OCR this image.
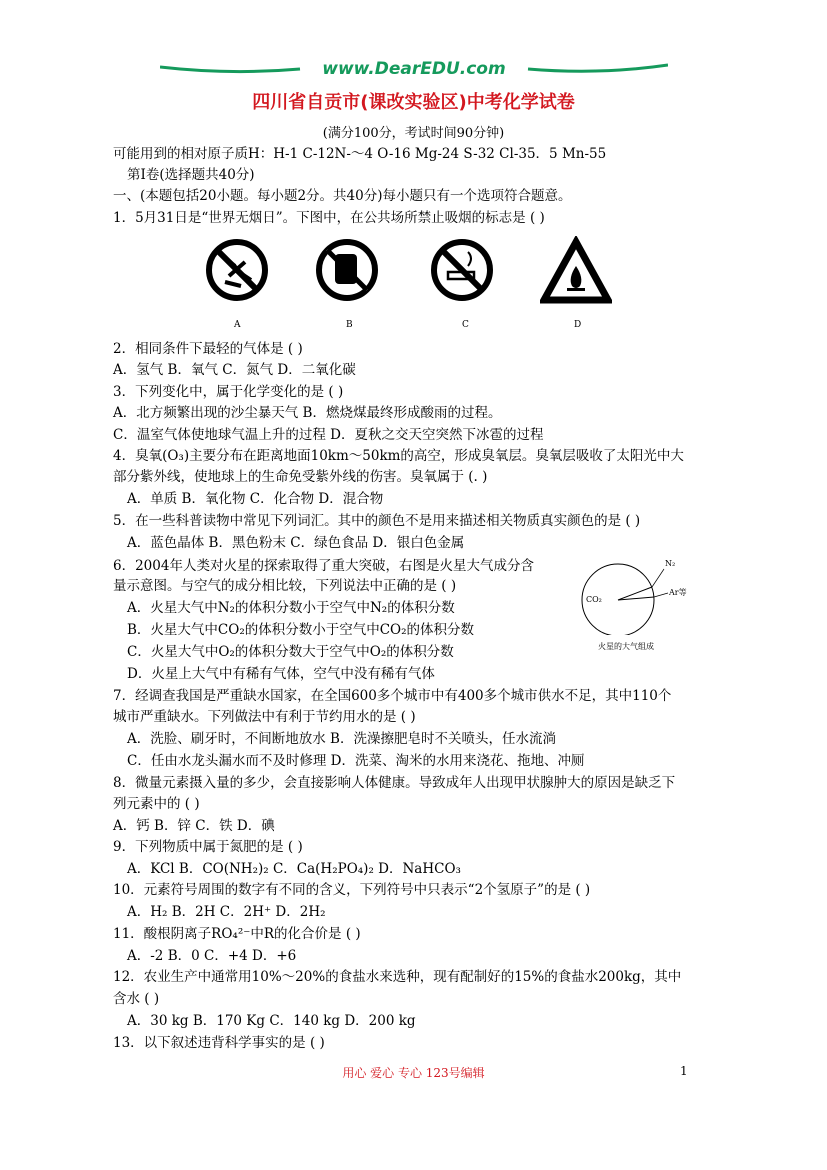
www.DearEDU.com
四川省自贡市(课改实验区)中考化学试卷
(满分100分，考试时间90分钟)
可能用到的相对原子质H：H-1 C-12N-～4 O-16 Mg-24 S-32 Cl-35．5 Mn-55
第Ⅰ卷(选择题共40分)
一、(本题包括20小题。每小题2分。共40分)每小题只有一个选项符合题意。
1．5月31日是“世界无烟日”。下图中，在公共场所禁止吸烟的标志是 ( )
A	B	C	D
2．相同条件下最轻的气体是 ( )
A．氢气 B．氧气 C．氮气 D．二氧化碳
3．下列变化中，属于化学变化的是 ( )
A．北方频繁出现的沙尘暴天气 B．燃烧煤最终形成酸雨的过程。
C．温室气体使地球气温上升的过程 D．夏秋之交天空突然下冰雹的过程
4．臭氧(O₃)主要分布在距离地面10km～50km的高空，形成臭氧层。臭氧层吸收了太阳光中大
部分紫外线，使地球上的生命免受紫外线的伤害。臭氧属于 (. )
A．单质 B．氧化物 C．化合物 D．混合物
5．在一些科普读物中常见下列词汇。其中的颜色不是用来描述相关物质真实颜色的是 ( )
A．蓝色晶体 B．黑色粉末 C．绿色食品 D．银白色金属
6．2004年人类对火星的探索取得了重大突破，右图是火星大气成分含
量示意图。与空气的成分相比较，下列说法中正确的是 ( )
A．火星大气中N₂的体积分数小于空气中N₂的体积分数
B．火星大气中CO₂的体积分数小于空气中CO₂的体积分数
C．火星大气中O₂的体积分数大于空气中O₂的体积分数
D．火星上大气中有稀有气体，空气中没有稀有气体
N₂
Ar等
CO₂
火星的大气组成
7．经调查我国是严重缺水国家，在全国600多个城市中有400多个城市供水不足，其中110个
城市严重缺水。下列做法中有利于节约用水的是 ( )
A．洗脸、刷牙时，不间断地放水 B．洗澡擦肥皂时不关喷头，任水流淌
C．任由水龙头漏水而不及时修理 D．洗菜、淘米的水用来浇花、拖地、冲厕
8．微量元素摄入量的多少，会直接影响人体健康。导致成年人出现甲状腺肿大的原因是缺乏下
列元素中的 ( )
A．钙 B．锌 C．铁 D．碘
9．下列物质中属于氮肥的是 ( )
A．KCl B．CO(NH₂)₂ C．Ca(H₂PO₄)₂ D．NaHCO₃
10．元素符号周围的数字有不同的含义，下列符号中只表示“2个氢原子”的是 ( )
A．H₂ B．2H C．2H⁺ D．2H₂
11．酸根阴离子RO₄²⁻中R的化合价是 ( )
A．-2 B．0 C．+4 D．+6
12．农业生产中通常用10%～20%的食盐水来选种，现有配制好的15%的食盐水200kg，其中
含水 ( )
A．30 kg B．170 Kg C．140 kg D．200 kg
13．以下叙述违背科学事实的是 ( )
用心 爱心 专心 123号编辑	1
